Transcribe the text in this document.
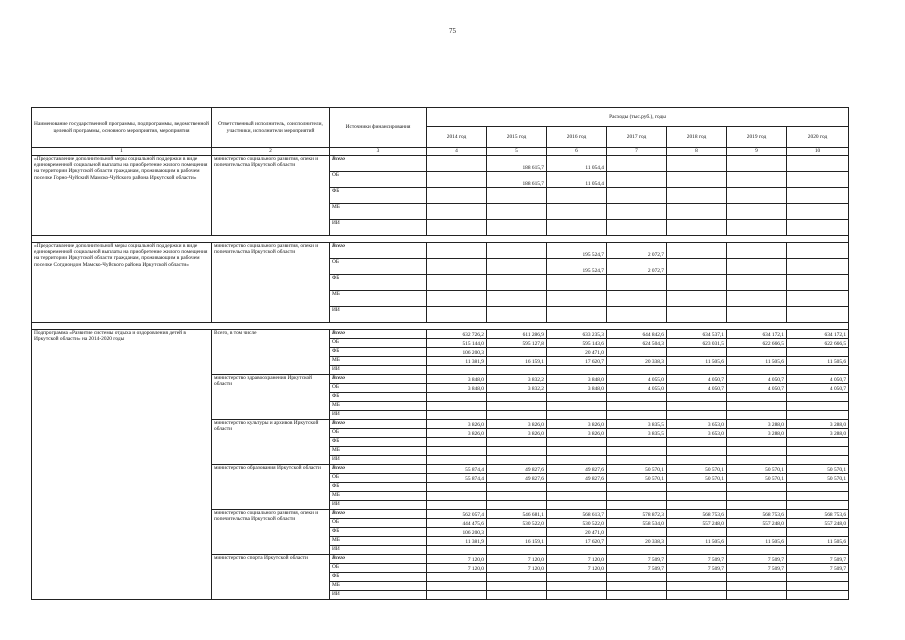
75
Наименование государственной программы, подпрограммы, ведомственной целевой программы, основного мероприятия, мероприятия	Ответственный исполнитель, соисполнители, участники, исполнители мероприятий	Источники финансирования	Расходы (тыс.руб.), годы						
			2014 год	2015 год	2016 год	2017 год	2018 год	2019 год	2020 год
1	2	3	4	5	6	7	8	9	10
«Предоставление дополнительной меры социальной поддержки в виде единовременной социальной выплаты на приобретение жилого помещения на территории Иркутской области гражданам, проживающим в рабочем поселке Горно-Чуйский Мамско-Чуйского района Иркутской области»	министерство социального развития, опеки и попечительства Иркутской области	Всего		188 615,7	11 054,4				
		ОБ		188 615,7	11 054,4				
		ФБ							
		МБ							
		ИИ							

«Предоставление дополнительной меры социальной поддержки в виде единовременной социальной выплаты на приобретение жилого помещения на территории Иркутской области гражданам, проживающим в рабочем поселке Согдиондон Мамско-Чуйского района Иркутской области»	министерство социального развития, опеки и попечительства Иркутской области	Всего			195 524,7	2 072,7			
		ОБ			195 524,7	2 072,7			
		ФБ							
		МБ							
		ИИ							

Подпрограмма «Развитие системы отдыха и оздоровления детей в Иркутской области» на 2014-2020 годы	Всего, в том числе	Всего	632 726,2	611 286,9	633 235,3	644 842,6	634 537,1	634 172,1	634 172,1
		ОБ	515 144,0	595 127,8	595 143,6	624 504,3	623 031,5	622 666,5	622 666,5
		ФБ	106 200,3		20 471,0				
		МБ	11 381,9	16 159,1	17 620,7	20 338,3	11 505,6	11 505,6	11 505,6
		ИИ							
	министерство здравоохранения Иркутской области	Всего	3 848,0	3 832,2	3 848,0	4 055,0	4 050,7	4 050,7	4 050,7
		ОБ	3 848,0	3 832,2	3 848,0	4 055,0	4 050,7	4 050,7	4 050,7
		ФБ							
		МБ							
		ИИ							
	министерство культуры и архивов Иркутской области	Всего	3 826,0	3 826,0	3 826,0	3 835,5	3 653,0	3 288,0	3 288,0
		ОБ	3 826,0	3 826,0	3 826,0	3 835,5	3 653,0	3 288,0	3 288,0
		ФБ							
		МБ							
		ИИ							
	министерство образования Иркутской области	Всего	55 874,4	49 827,6	49 827,6	50 570,1	50 570,1	50 570,1	50 570,1
		ОБ	55 874,4	49 827,6	49 827,6	50 570,1	50 570,1	50 570,1	50 570,1
		ФБ							
		МБ							
		ИИ							
	министерство социального развития, опеки и попечительства Иркутской области	Всего	562 057,4	546 681,1	568 613,7	578 872,3	568 753,6	568 753,6	568 753,6
		ОБ	444 475,6	530 522,0	530 522,0	558 534,0	557 248,0	557 248,0	557 248,0
		ФБ	106 200,3		20 471,0				
		МБ	11 381,9	16 159,1	17 620,7	20 338,3	11 505,6	11 505,6	11 505,6
		ИИ							
	министерство спорта Иркутской области	Всего	7 120,0	7 120,0	7 120,0	7 509,7	7 509,7	7 509,7	7 509,7
		ОБ	7 120,0	7 120,0	7 120,0	7 509,7	7 509,7	7 509,7	7 509,7
		ФБ							
		МБ							
		ИИ							
